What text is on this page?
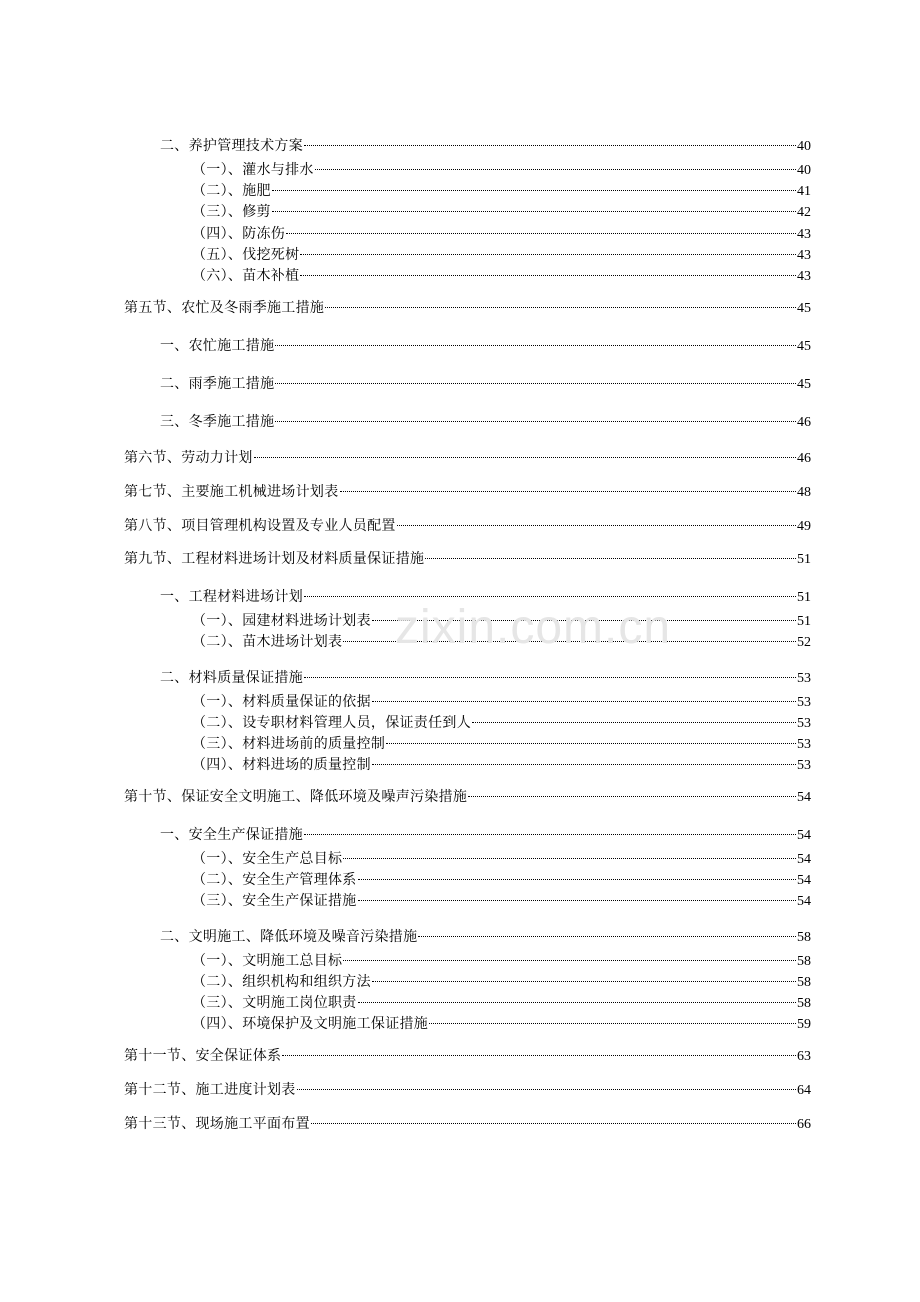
二、养护管理技术方案	40
（一）、灌水与排水	40
（二）、施肥	41
（三）、修剪	42
（四）、防冻伤	43
（五）、伐挖死树	43
（六）、苗木补植	43
第五节、农忙及冬雨季施工措施	45
一、农忙施工措施	45
二、雨季施工措施	45
三、冬季施工措施	46
第六节、劳动力计划	46
第七节、主要施工机械进场计划表	48
第八节、项目管理机构设置及专业人员配置	49
第九节、工程材料进场计划及材料质量保证措施	51
一、工程材料进场计划	51
（一）、园建材料进场计划表	51
（二）、苗木进场计划表	52
二、材料质量保证措施	53
（一）、材料质量保证的依据	53
（二）、设专职材料管理人员，保证责任到人	53
（三）、材料进场前的质量控制	53
（四）、材料进场的质量控制	53
第十节、保证安全文明施工、降低环境及噪声污染措施	54
一、安全生产保证措施	54
（一）、安全生产总目标	54
（二）、安全生产管理体系	54
（三）、安全生产保证措施	54
二、文明施工、降低环境及噪音污染措施	58
（一）、文明施工总目标	58
（二）、组织机构和组织方法	58
（三）、文明施工岗位职责	58
（四）、环境保护及文明施工保证措施	59
第十一节、安全保证体系	63
第十二节、施工进度计划表	64
第十三节、现场施工平面布置	66
zixin.com.cn
